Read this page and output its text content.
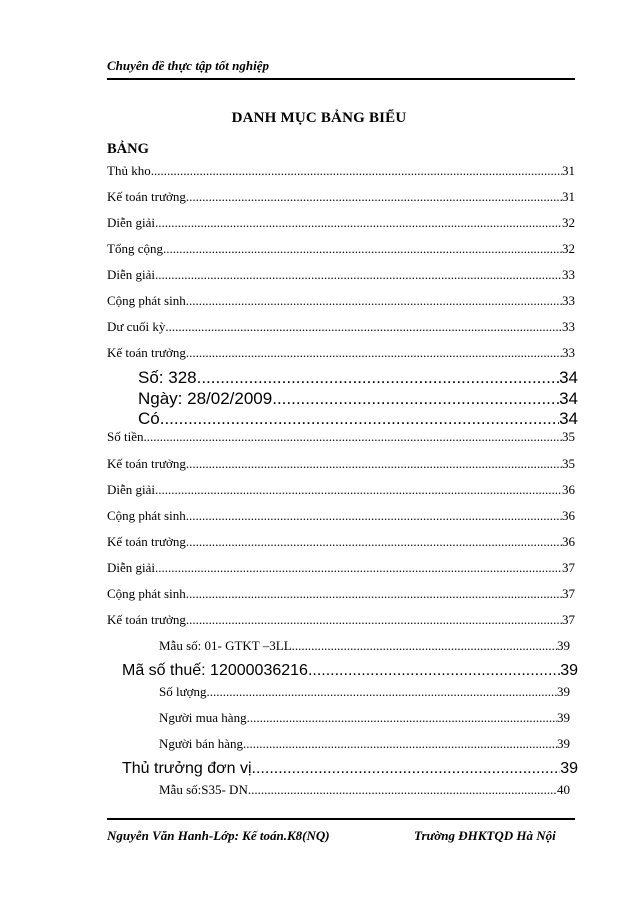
Chuyên đề thực tập tốt nghiệp
DANH MỤC BẢNG BIỂU
BẢNG
Thủ kho .....	31
Kế toán trưởng .....	31
Diễn giải .....	32
Tổng cộng .....	32
Diễn giải .....	33
Cộng phát sinh .....	33
Dư cuối kỳ .....	33
Kế toán trưởng .....	33
Số: 328 .....	34
Ngày: 28/02/2009 .....	34
Có .....	34
Số tiền .....	35
Kế toán trưởng .....	35
Diễn giải .....	36
Cộng phát sinh .....	36
Kế toán trưởng .....	36
Diễn giải .....	37
Cộng phát sinh .....	37
Kế toán trưởng .....	37
Mẫu số: 01- GTKT –3LL .....	39
Mã số thuế: 12000036216 .....	39
Số lượng .....	39
Người mua hàng .....	39
Người bán hàng .....	39
Thủ trưởng đơn vị .....	39
Mẫu số:S35- DN .....	40
Nguyễn Văn Hanh-Lớp: Kế toán.K8(NQ)	Trường ĐHKTQD Hà Nội
